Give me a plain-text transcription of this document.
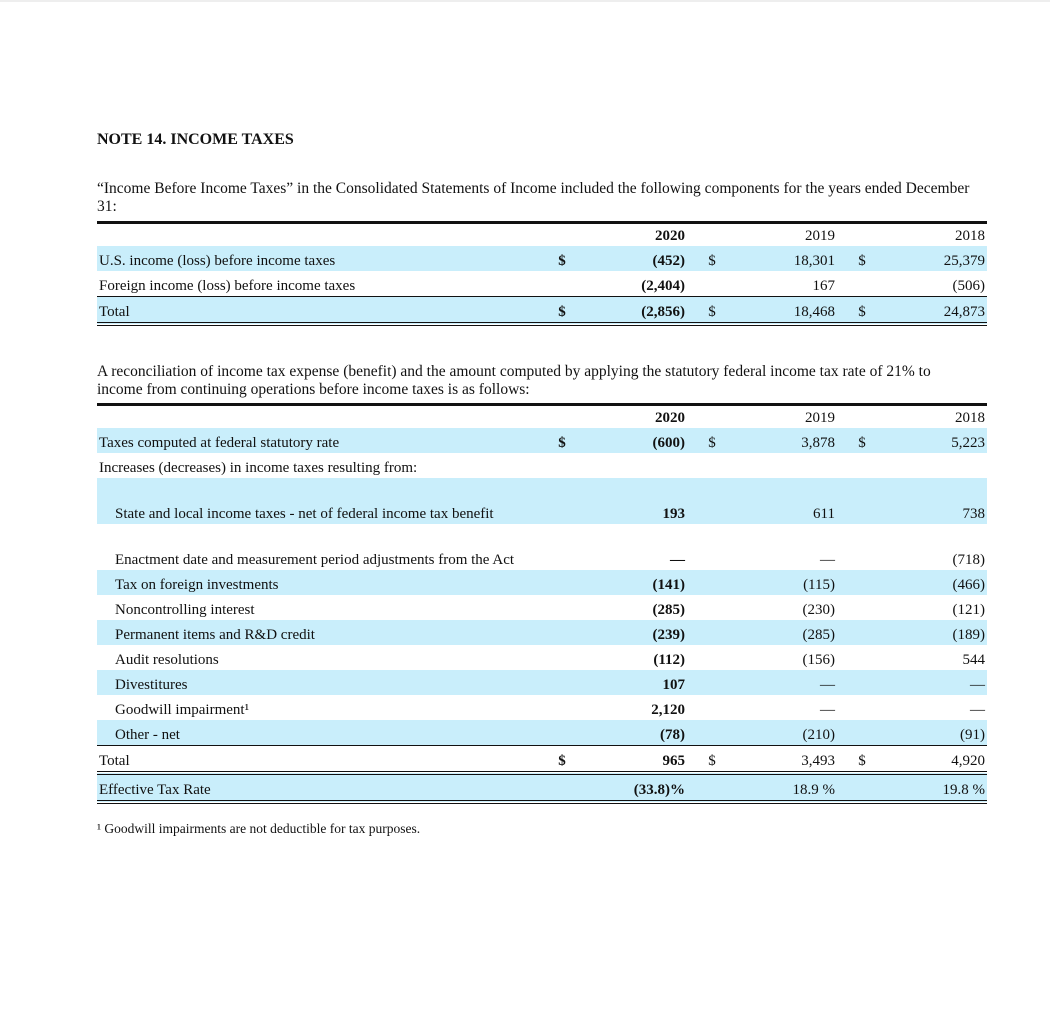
NOTE 14. INCOME TAXES
“Income Before Income Taxes” in the Consolidated Statements of Income included the following components for the years ended December 31:
		2020		2019		2018
U.S. income (loss) before income taxes	$	(452)	$	18,301	$	25,379
Foreign income (loss) before income taxes		(2,404)		167		(506)
Total	$	(2,856)	$	18,468	$	24,873
A reconciliation of income tax expense (benefit) and the amount computed by applying the statutory federal income tax rate of 21% to income from continuing operations before income taxes is as follows:
		2020		2019		2018
Taxes computed at federal statutory rate	$	(600)	$	3,878	$	5,223
Increases (decreases) in income taxes resulting from:						
State and local income taxes - net of federal income tax benefit		193		611		738
Enactment date and measurement period adjustments from the Act		—		—		(718)
Tax on foreign investments		(141)		(115)		(466)
Noncontrolling interest		(285)		(230)		(121)
Permanent items and R&D credit		(239)		(285)		(189)
Audit resolutions		(112)		(156)		544
Divestitures		107		—		—
Goodwill impairment¹		2,120		—		—
Other - net		(78)		(210)		(91)
Total	$	965	$	3,493	$	4,920
Effective Tax Rate		(33.8)%		18.9 %		19.8 %
¹ Goodwill impairments are not deductible for tax purposes.
